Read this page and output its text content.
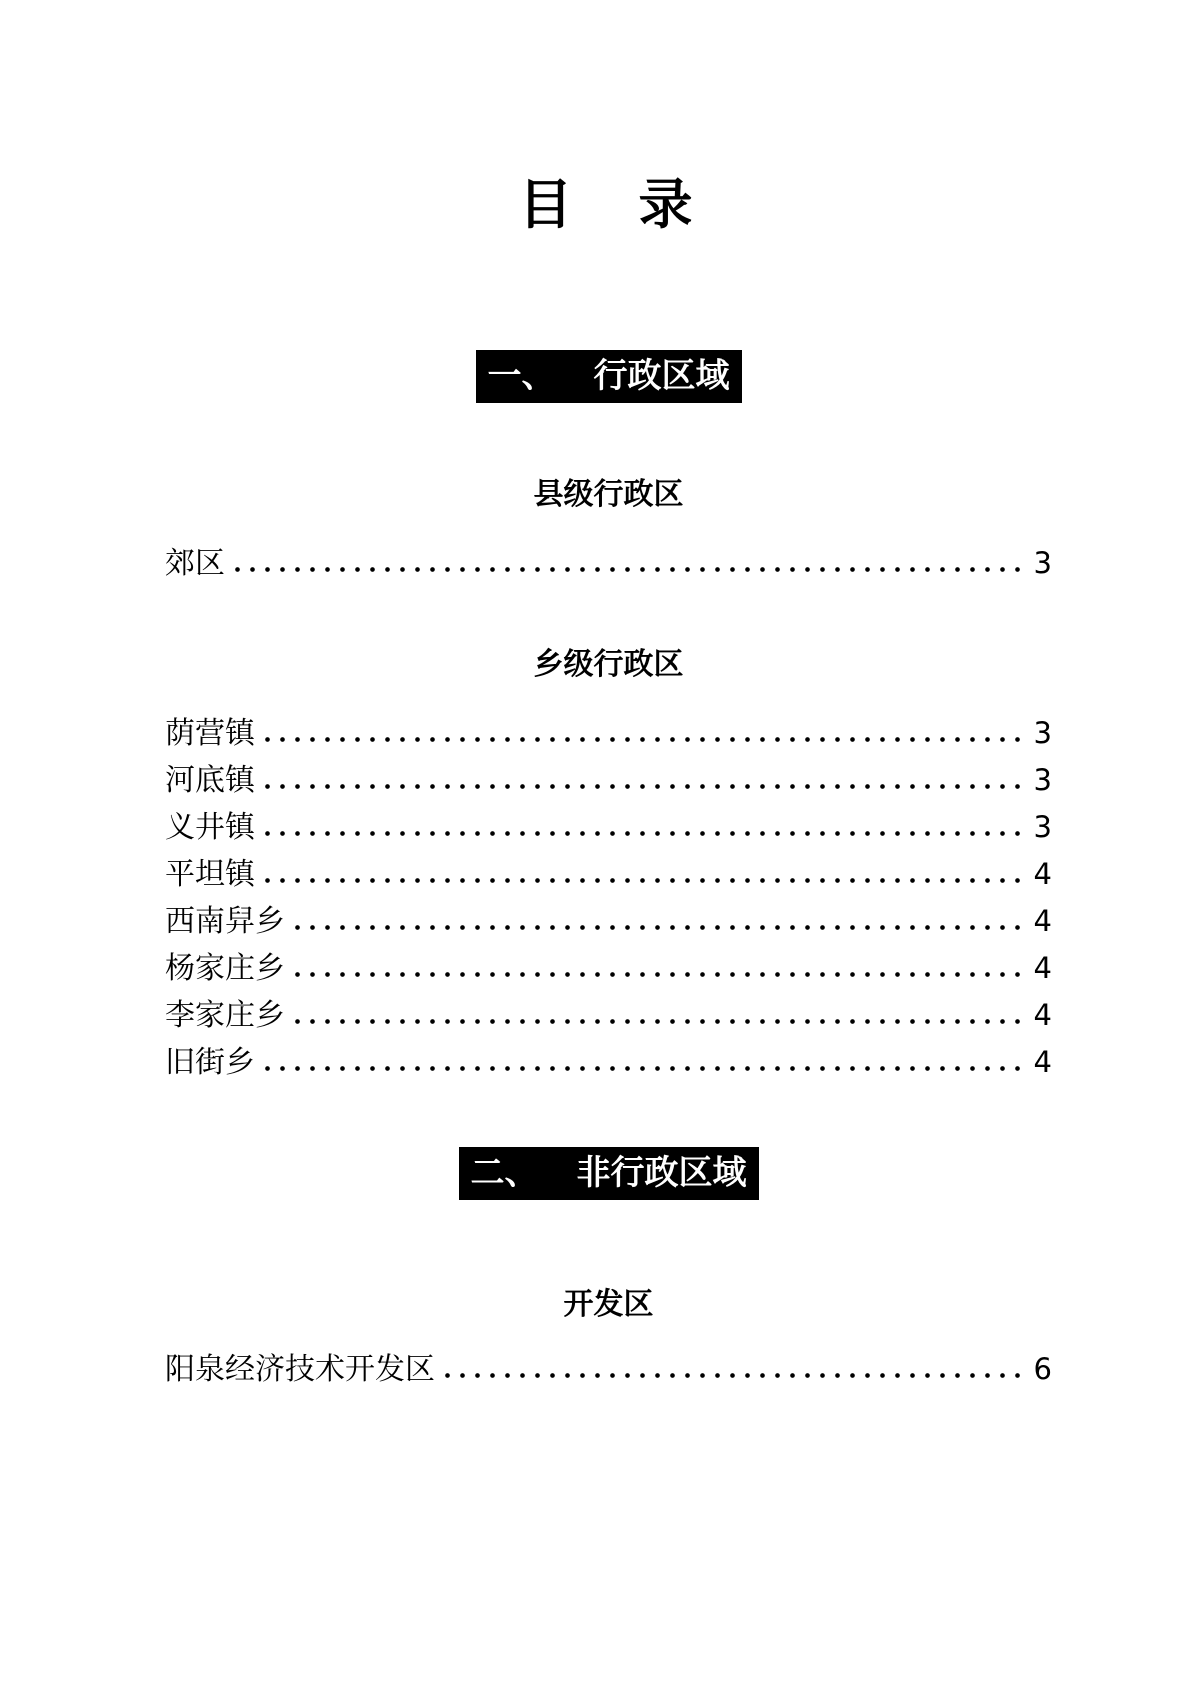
目　录
一、 行政区域
县级行政区
郊区	3
乡级行政区
荫营镇	3
河底镇	3
义井镇	3
平坦镇	4
西南舁乡	4
杨家庄乡	4
李家庄乡	4
旧街乡	4
二、 非行政区域
开发区
阳泉经济技术开发区	6
